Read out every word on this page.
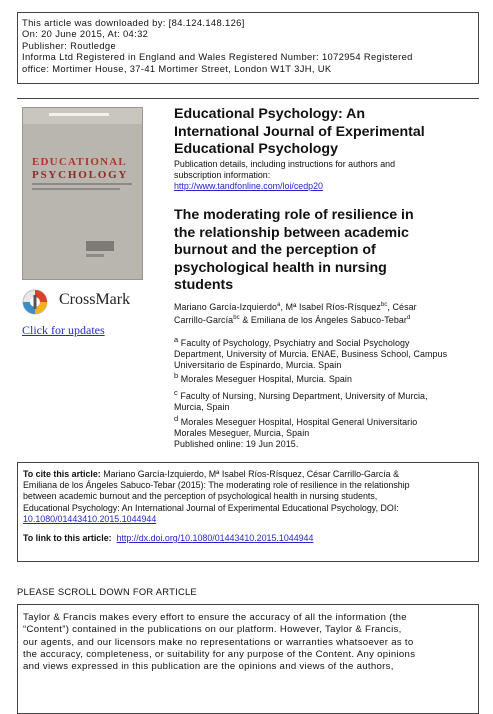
This article was downloaded by: [84.124.148.126]
On: 20 June 2015, At: 04:32
Publisher: Routledge
Informa Ltd Registered in England and Wales Registered Number: 1072954 Registered
office: Mortimer House, 37-41 Mortimer Street, London W1T 3JH, UK
EDUCATIONAL
PSYCHOLOGY
CrossMark
Click for updates
Educational Psychology: An
International Journal of Experimental
Educational Psychology
Publication details, including instructions for authors and
subscription information:
http://www.tandfonline.com/loi/cedp20
The moderating role of resilience in
the relationship between academic
burnout and the perception of
psychological health in nursing
students
Mariano García-Izquierdo$^a$, Mª Isabel Ríos-Rísquez$^{bc}$, César
Carrillo-García$^{bc}$ & Emiliana de los Ángeles Sabuco-Tebar$^d$
$^a$ Faculty of Psychology, Psychiatry and Social Psychology
Department, University of Murcia. ENAE, Business School, Campus
Universitario de Espinardo, Murcia. Spain
$^b$ Morales Meseguer Hospital, Murcia. Spain
$^c$ Faculty of Nursing, Nursing Department, University of Murcia,
Murcia, Spain
$^d$ Morales Meseguer Hospital, Hospital General Universitario
Morales Meseguer, Murcia, Spain
Published online: 19 Jun 2015.
To cite this article: Mariano García-Izquierdo, Mª Isabel Ríos-Rísquez, César Carrillo-García &
Emiliana de los Ángeles Sabuco-Tebar (2015): The moderating role of resilience in the relationship
between academic burnout and the perception of psychological health in nursing students,
Educational Psychology: An International Journal of Experimental Educational Psychology, DOI:
10.1080/01443410.2015.1044944
To link to this article: http://dx.doi.org/10.1080/01443410.2015.1044944
PLEASE SCROLL DOWN FOR ARTICLE
Taylor & Francis makes every effort to ensure the accuracy of all the information (the
“Content”) contained in the publications on our platform. However, Taylor & Francis,
our agents, and our licensors make no representations or warranties whatsoever as to
the accuracy, completeness, or suitability for any purpose of the Content. Any opinions
and views expressed in this publication are the opinions and views of the authors,
